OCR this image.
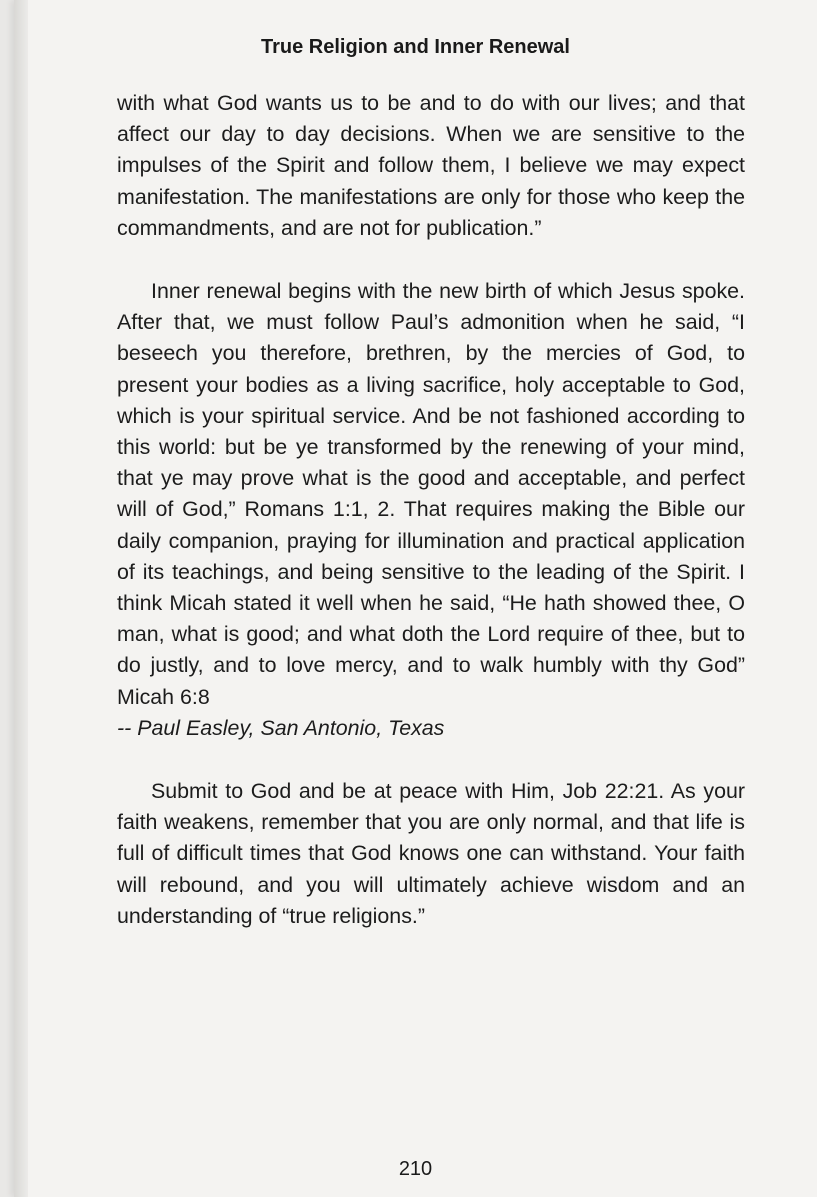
True Religion and Inner Renewal

with what God wants us to be and to do with our lives; and that affect our day to day decisions. When we are sensitive to the impulses of the Spirit and follow them, I believe we may expect manifestation. The manifestations are only for those who keep the commandments, and are not for publication.”

Inner renewal begins with the new birth of which Jesus spoke. After that, we must follow Paul’s admonition when he said, “I beseech you therefore, brethren, by the mercies of God, to present your bodies as a living sacrifice, holy acceptable to God, which is your spiritual service. And be not fashioned according to this world: but be ye transformed by the renewing of your mind, that ye may prove what is the good and acceptable, and perfect will of God,” Romans 1:1, 2. That requires making the Bible our daily companion, praying for illumination and practical application of its teachings, and being sensitive to the leading of the Spirit. I think Micah stated it well when he said, “He hath showed thee, O man, what is good; and what doth the Lord require of thee, but to do justly, and to love mercy, and to walk humbly with thy God” Micah 6:8

-- Paul Easley, San Antonio, Texas

Submit to God and be at peace with Him, Job 22:21. As your faith weakens, remember that you are only normal, and that life is full of difficult times that God knows one can withstand. Your faith will rebound, and you will ultimately achieve wisdom and an understanding of “true religions.”

210
